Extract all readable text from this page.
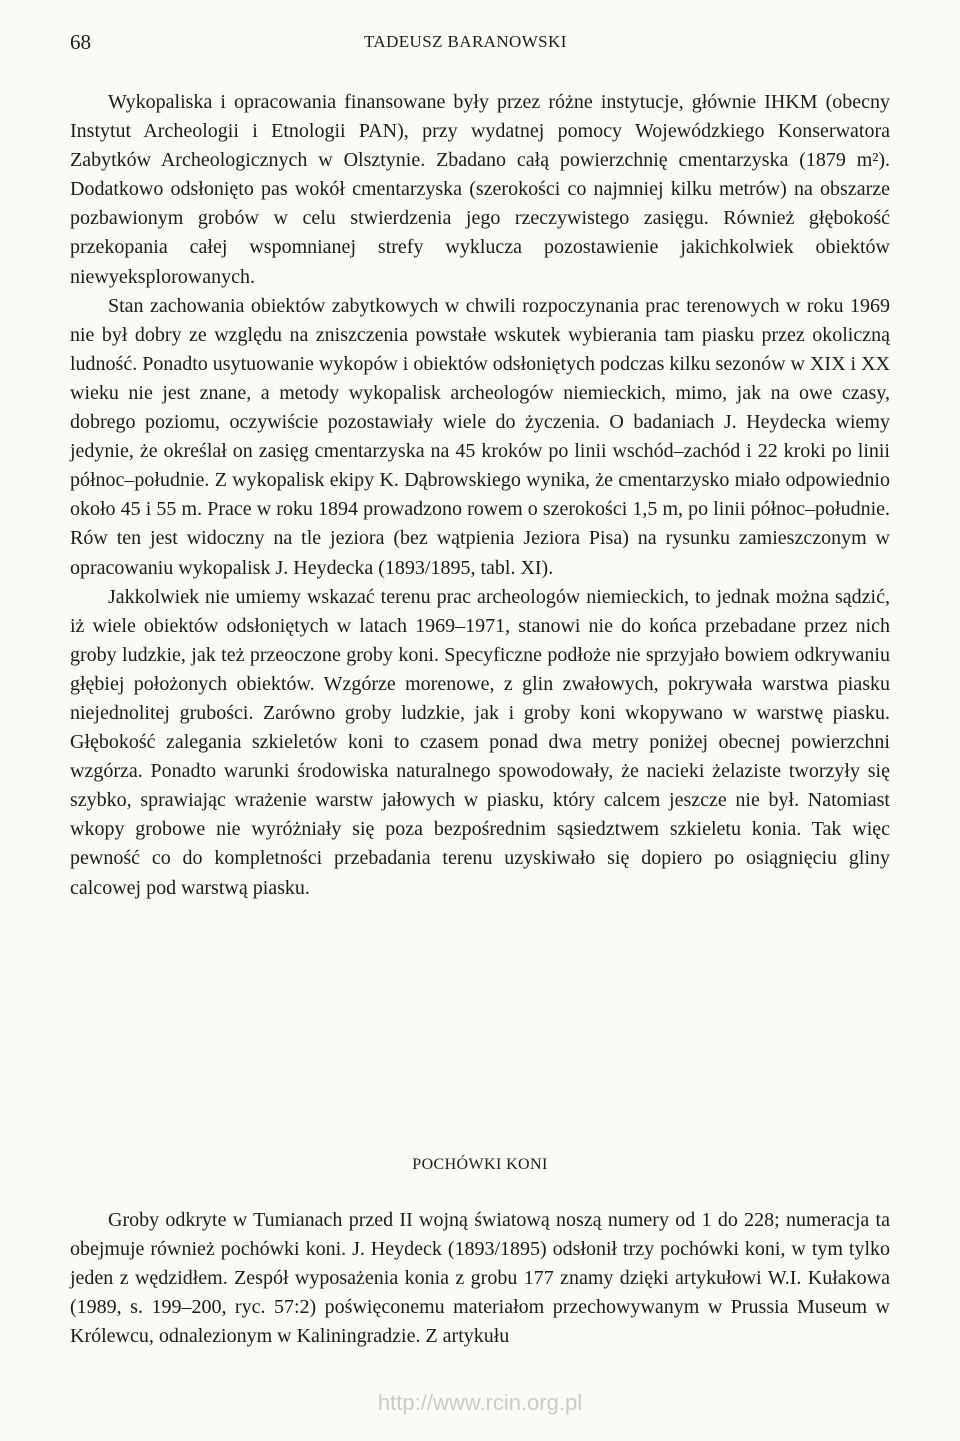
68	TADEUSZ BARANOWSKI

Wykopaliska i opracowania finansowane były przez różne instytucje, głównie IHKM (obecny Instytut Archeologii i Etnologii PAN), przy wydatnej pomocy Wojewódzkiego Konserwatora Zabytków Archeologicznych w Olsztynie. Zbadano całą powierzchnię cmentarzyska (1879 m²). Dodatkowo odsłonięto pas wokół cmentarzyska (szerokości co najmniej kilku metrów) na obszarze pozbawionym grobów w celu stwierdzenia jego rzeczywistego zasięgu. Również głębokość przekopania całej wspomnianej strefy wyklucza pozostawienie jakichkolwiek obiektów niewyeksplorowanych.

Stan zachowania obiektów zabytkowych w chwili rozpoczynania prac terenowych w roku 1969 nie był dobry ze względu na zniszczenia powstałe wskutek wybierania tam piasku przez okoliczną ludność. Ponadto usytuowanie wykopów i obiektów odsłoniętych podczas kilku sezonów w XIX i XX wieku nie jest znane, a metody wykopalisk archeologów niemieckich, mimo, jak na owe czasy, dobrego poziomu, oczywiście pozostawiały wiele do życzenia. O badaniach J. Heydecka wiemy jedynie, że określał on zasięg cmentarzyska na 45 kroków po linii wschód–zachód i 22 kroki po linii północ–południe. Z wykopalisk ekipy K. Dąbrowskiego wynika, że cmentarzysko miało odpowiednio około 45 i 55 m. Prace w roku 1894 prowadzono rowem o szerokości 1,5 m, po linii północ–południe. Rów ten jest widoczny na tle jeziora (bez wątpienia Jeziora Pisa) na rysunku zamieszczonym w opracowaniu wykopalisk J. Heydecka (1893/1895, tabl. XI).

Jakkolwiek nie umiemy wskazać terenu prac archeologów niemieckich, to jednak można sądzić, iż wiele obiektów odsłoniętych w latach 1969–1971, stanowi nie do końca przebadane przez nich groby ludzkie, jak też przeoczone groby koni. Specyficzne podłoże nie sprzyjało bowiem odkrywaniu głębiej położonych obiektów. Wzgórze morenowe, z glin zwałowych, pokrywała warstwa piasku niejednolitej grubości. Zarówno groby ludzkie, jak i groby koni wkopywano w warstwę piasku. Głębokość zalegania szkieletów koni to czasem ponad dwa metry poniżej obecnej powierzchni wzgórza. Ponadto warunki środowiska naturalnego spowodowały, że nacieki żelaziste tworzyły się szybko, sprawiając wrażenie warstw jałowych w piasku, który calcem jeszcze nie był. Natomiast wkopy grobowe nie wyróżniały się poza bezpośrednim sąsiedztwem szkieletu konia. Tak więc pewność co do kompletności przebadania terenu uzyskiwało się dopiero po osiągnięciu gliny calcowej pod warstwą piasku.

POCHÓWKI KONI

Groby odkryte w Tumianach przed II wojną światową noszą numery od 1 do 228; numeracja ta obejmuje również pochówki koni. J. Heydeck (1893/1895) odsłonił trzy pochówki koni, w tym tylko jeden z wędzidłem. Zespół wyposażenia konia z grobu 177 znamy dzięki artykułowi W.I. Kułakowa (1989, s. 199–200, ryc. 57:2) poświęconemu materiałom przechowywanym w Prussia Museum w Królewcu, odnalezionym w Kaliningradzie. Z artykułu

http://www.rcin.org.pl
